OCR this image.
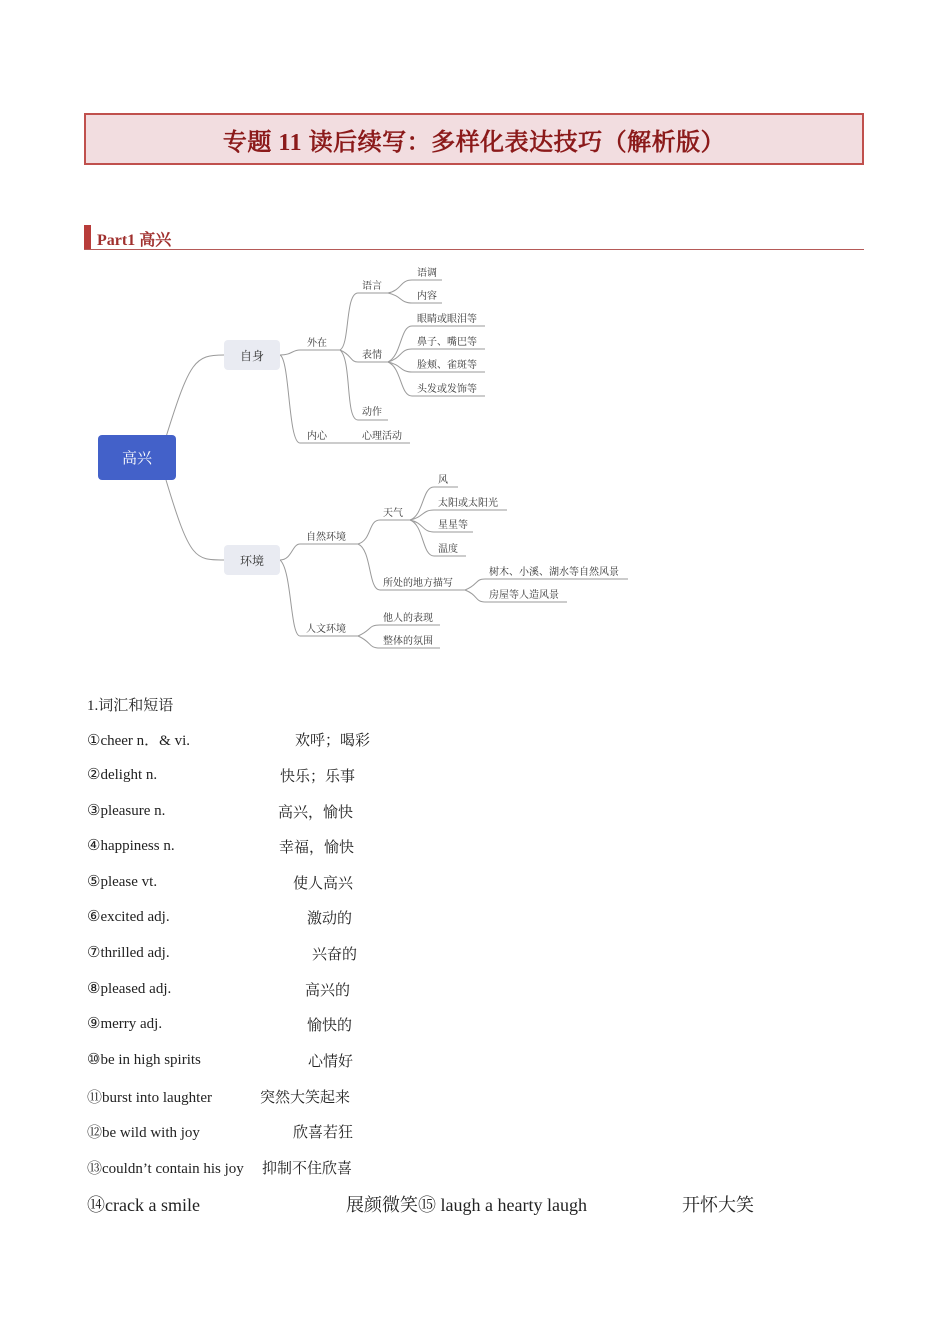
专题 11 读后续写：多样化表达技巧（解析版）
Part1 高兴
高兴
自身
环境
外在
语言
语调
内容
表情
眼睛或眼泪等
鼻子、嘴巴等
脸颊、雀斑等
头发或发饰等
动作
内心	心理活动
自然环境
天气
风
太阳或太阳光
星星等
温度
所处的地方描写
树木、小溪、湖水等自然风景
房屋等人造风景
人文环境
他人的表现
整体的氛围
1.词汇和短语
①cheer n．& vi.	欢呼；喝彩
②delight n.	快乐；乐事
③pleasure n.	高兴，愉快
④happiness n.	幸福，愉快
⑤please vt.	使人高兴
⑥excited adj.	激动的
⑦thrilled adj.	兴奋的
⑧pleased adj.	高兴的
⑨merry adj.	愉快的
⑩be in high spirits	心情好
⑪burst into laughter	突然大笑起来
⑫be wild with joy	欣喜若狂
⑬couldn’t contain his joy 抑制不住欣喜
⑭crack a smile	展颜微笑 ⑮ laugh a hearty laugh	开怀大笑
